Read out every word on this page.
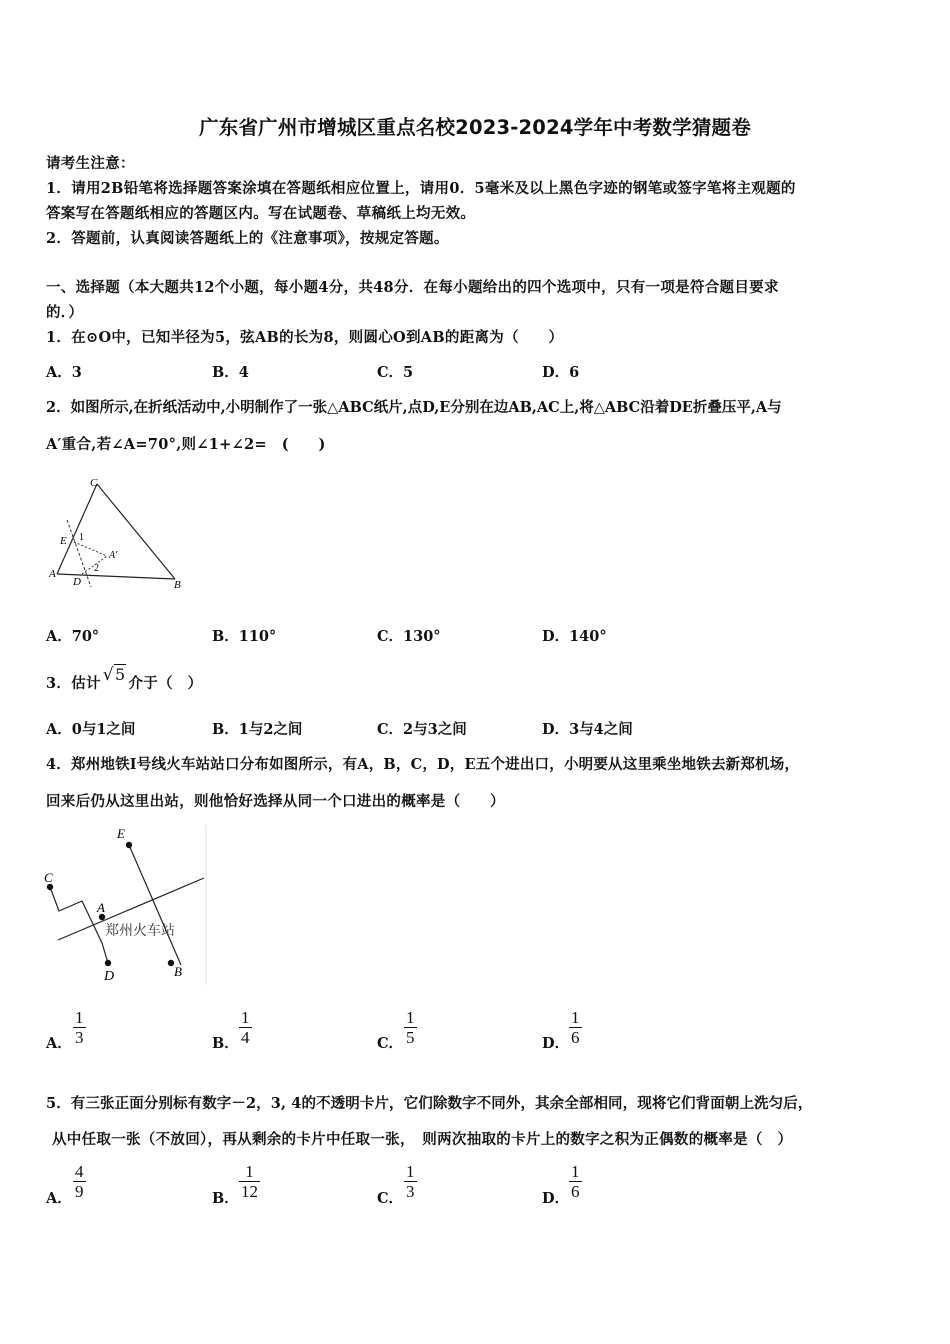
广东省广州市增城区重点名校2023-2024学年中考数学猜题卷
请考生注意：
1．请用2B铅笔将选择题答案涂填在答题纸相应位置上，请用0．5毫米及以上黑色字迹的钢笔或签字笔将主观题的
答案写在答题纸相应的答题区内。写在试题卷、草稿纸上均无效。
2．答题前，认真阅读答题纸上的《注意事项》，按规定答题。
一、选择题（本大题共12个小题，每小题4分，共48分．在每小题给出的四个选项中，只有一项是符合题目要求
的．）
1．在⊙O中，已知半径为5，弦AB的长为8，则圆心O到AB的距离为（　　）
A．3	B．4	C．5	D．6
2．如图所示,在折纸活动中,小明制作了一张△ABC纸片,点D,E分别在边AB,AC上,将△ABC沿着DE折叠压平,A与
A′重合,若∠A=70°,则∠1+∠2=　(　　)
C
E 1
A′
2
A
D	B
A．70°	B．110°	C．130°	D．140°
3．估计 √5 介于（　）
A．0与1之间	B．1与2之间	C．2与3之间	D．3与4之间
4．郑州地铁Ⅰ号线火车站站口分布如图所示，有A，B，C，D，E五个进出口，小明要从这里乘坐地铁去新郑机场，
回来后仍从这里出站，则他恰好选择从同一个口进出的概率是（　　）
E
C
A
D	B
郑州火车站
A． $\frac{1}{3}$	B． $\frac{1}{4}$	C． $\frac{1}{5}$	D． $\frac{1}{6}$
5．有三张正面分别标有数字－2，3, 4的不透明卡片，它们除数字不同外，其余全部相同，现将它们背面朝上洗匀后，
从中任取一张（不放回），再从剩余的卡片中任取一张，　则两次抽取的卡片上的数字之积为正偶数的概率是（　）
A． $\frac{4}{9}$	B． $\frac{1}{12}$	C． $\frac{1}{3}$	D． $\frac{1}{6}$
